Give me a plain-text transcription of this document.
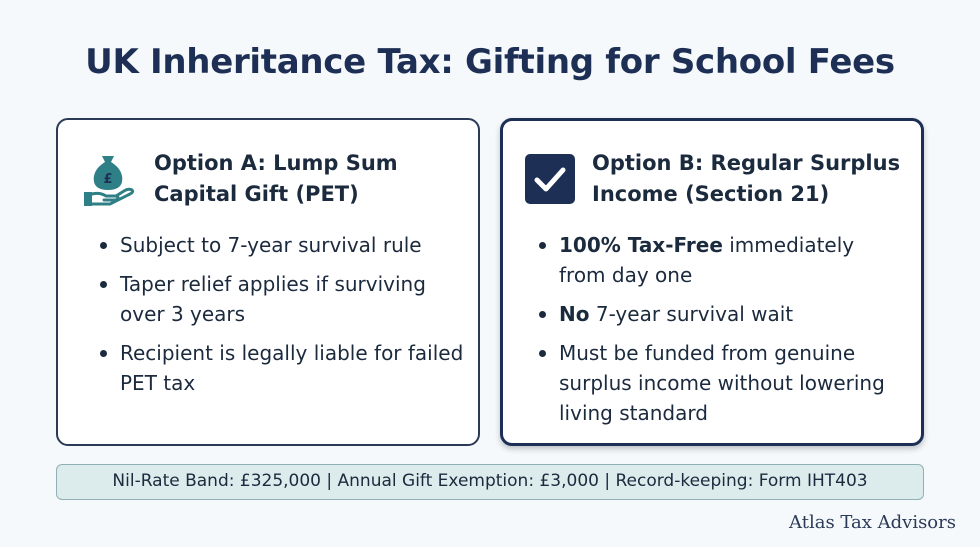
UK Inheritance Tax: Gifting for School Fees
£
Option A: Lump Sum Capital Gift (PET)
Subject to 7-year survival rule
Taper relief applies if surviving over 3 years
Recipient is legally liable for failed PET tax
Option B: Regular Surplus Income (Section 21)
100% Tax-Free immediately from day one
No 7-year survival wait
Must be funded from genuine surplus income without lowering living standard
Nil-Rate Band: £325,000 | Annual Gift Exemption: £3,000 | Record-keeping: Form IHT403
Atlas Tax Advisors
